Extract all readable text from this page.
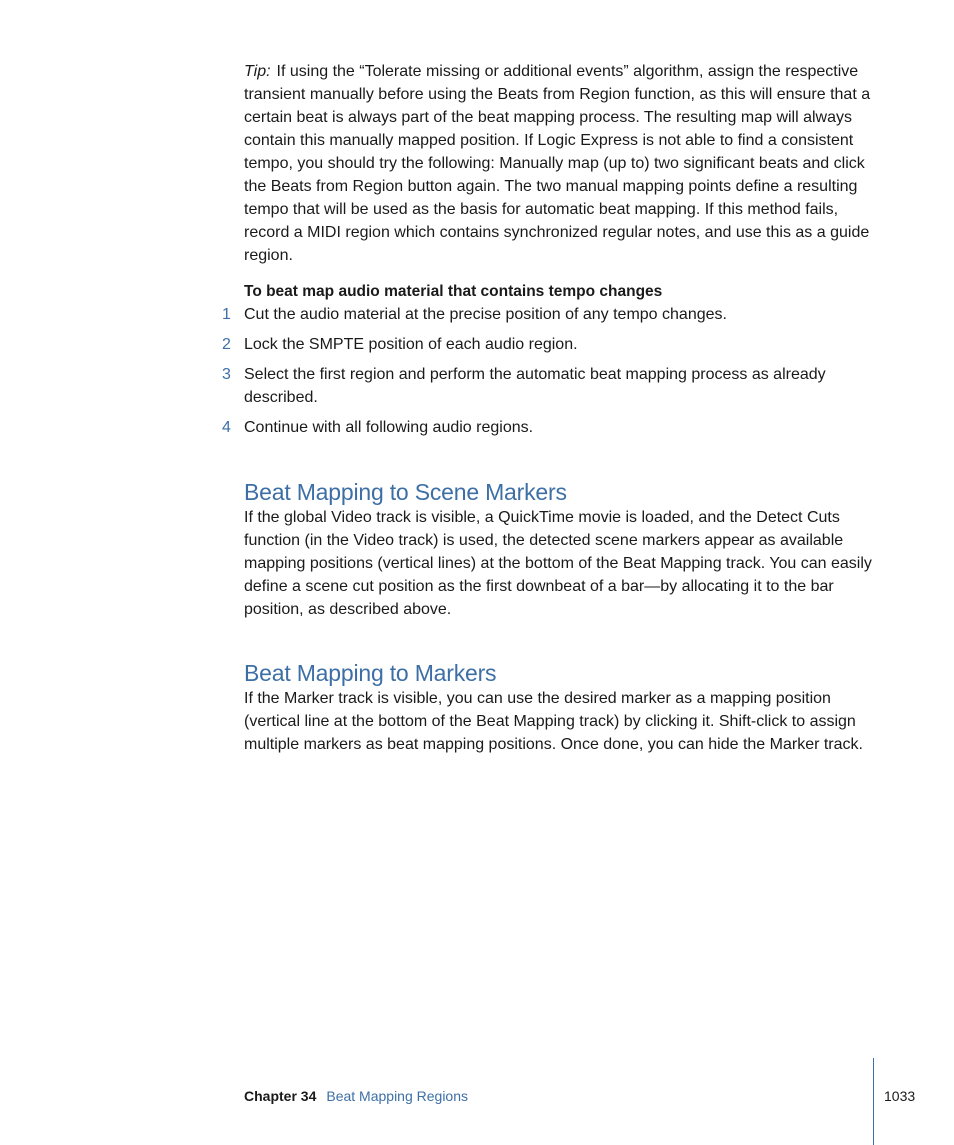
Tip: If using the “Tolerate missing or additional events” algorithm, assign the respective transient manually before using the Beats from Region function, as this will ensure that a certain beat is always part of the beat mapping process. The resulting map will always contain this manually mapped position. If Logic Express is not able to find a consistent tempo, you should try the following: Manually map (up to) two significant beats and click the Beats from Region button again. The two manual mapping points define a resulting tempo that will be used as the basis for automatic beat mapping. If this method fails, record a MIDI region which contains synchronized regular notes, and use this as a guide region.

To beat map audio material that contains tempo changes

1 Cut the audio material at the precise position of any tempo changes.

2 Lock the SMPTE position of each audio region.

3 Select the first region and perform the automatic beat mapping process as already described.

4 Continue with all following audio regions.

Beat Mapping to Scene Markers

If the global Video track is visible, a QuickTime movie is loaded, and the Detect Cuts function (in the Video track) is used, the detected scene markers appear as available mapping positions (vertical lines) at the bottom of the Beat Mapping track. You can easily define a scene cut position as the first downbeat of a bar—by allocating it to the bar position, as described above.

Beat Mapping to Markers

If the Marker track is visible, you can use the desired marker as a mapping position (vertical line at the bottom of the Beat Mapping track) by clicking it. Shift-click to assign multiple markers as beat mapping positions. Once done, you can hide the Marker track.

Chapter 34 Beat Mapping Regions	1033
